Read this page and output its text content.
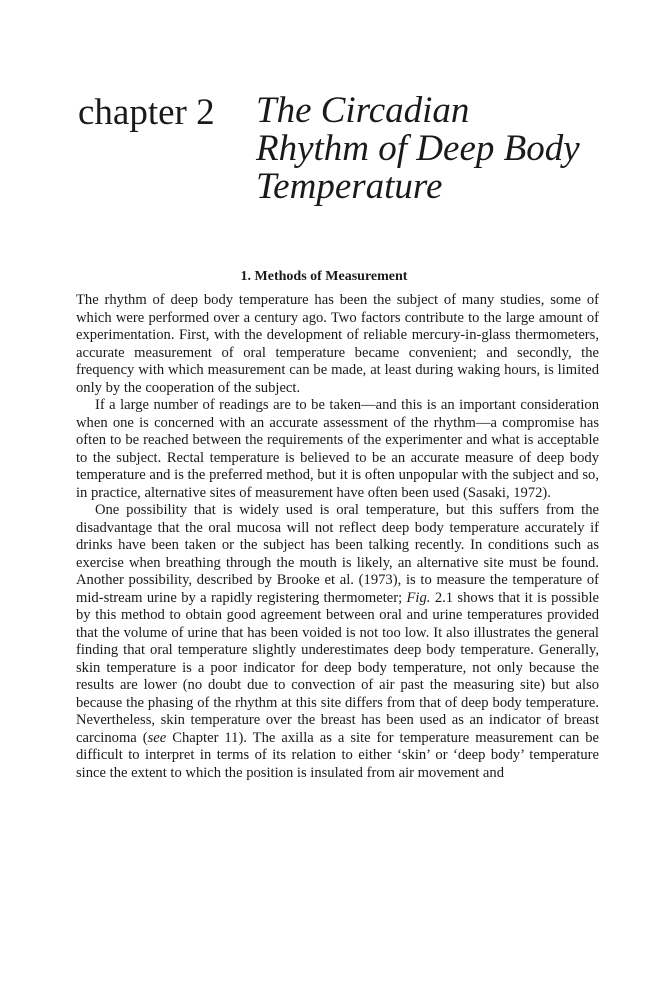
chapter 2 The Circadian
Rhythm of Deep Body
Temperature
1. Methods of Measurement

The rhythm of deep body temperature has been the subject of many studies, some of which were performed over a century ago. Two factors contribute to the large amount of experimentation. First, with the development of reliable mercury-in-glass thermometers, accurate measurement of oral temperature became convenient; and secondly, the frequency with which measurement can be made, at least during waking hours, is limited only by the cooperation of the subject.

If a large number of readings are to be taken—and this is an important consideration when one is concerned with an accurate assessment of the rhythm—a compromise has often to be reached between the requirements of the experimenter and what is acceptable to the subject. Rectal temperature is believed to be an accurate measure of deep body temperature and is the preferred method, but it is often unpopular with the subject and so, in practice, alternative sites of measurement have often been used (Sasaki, 1972).

One possibility that is widely used is oral temperature, but this suffers from the disadvantage that the oral mucosa will not reflect deep body temperature accurately if drinks have been taken or the subject has been talking recently. In conditions such as exercise when breathing through the mouth is likely, an alternative site must be found. Another possibility, described by Brooke et al. (1973), is to measure the temperature of mid-stream urine by a rapidly registering thermometer; Fig. 2.1 shows that it is possible by this method to obtain good agreement between oral and urine temperatures provided that the volume of urine that has been voided is not too low. It also illustrates the general finding that oral temperature slightly underestimates deep body temperature. Generally, skin temperature is a poor indicator for deep body temperature, not only because the results are lower (no doubt due to convection of air past the measuring site) but also because the phasing of the rhythm at this site differs from that of deep body temperature. Nevertheless, skin temperature over the breast has been used as an indicator of breast carcinoma (see Chapter 11). The axilla as a site for temperature measurement can be difficult to interpret in terms of its relation to either ‘skin’ or ‘deep body’ temperature since the extent to which the position is insulated from air movement and
